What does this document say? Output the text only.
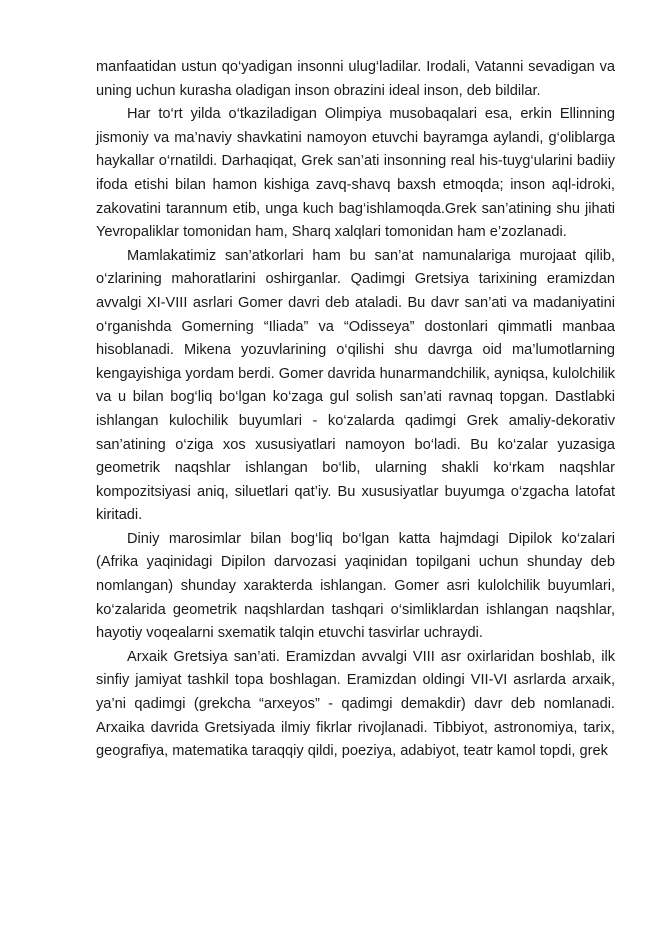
manfaatidan ustun qo‘yadigan insonni ulug‘ladilar. Irodali, Vatanni sevadigan va uning uchun kurasha oladigan inson obrazini ideal inson, deb bildilar.

Har to‘rt yilda o‘tkaziladigan Olimpiya musobaqalari esa, erkin Ellinning jismoniy va ma’naviy shavkatini namoyon etuvchi bayramga aylandi, g‘oliblarga haykallar o‘rnatildi. Darhaqiqat, Grek san’ati insonning real his-tuyg‘ularini badiiy ifoda etishi bilan hamon kishiga zavq-shavq baxsh etmoqda; inson aql-idroki, zakovatini tarannum etib, unga kuch bag‘ishlamoqda.Grek san’atining shu jihati Yevropaliklar tomonidan ham, Sharq xalqlari tomonidan ham e’zozlanadi.

Mamlakatimiz san’atkorlari ham bu san’at namunalariga murojaat qilib, o‘zlarining mahoratlarini oshirganlar. Qadimgi Gretsiya tarixining eramizdan avvalgi XI-VIII asrlari Gomer davri deb ataladi. Bu davr san’ati va madaniyatini o‘rganishda Gomerning “Iliada” va “Odisseya” dostonlari qimmatli manbaa hisoblanadi. Mikena yozuvlarining o‘qilishi shu davrga oid ma’lumotlarning kengayishiga yordam berdi. Gomer davrida hunarmandchilik, ayniqsa, kulolchilik va u bilan bog‘liq bo‘lgan ko‘zaga gul solish san’ati ravnaq topgan. Dastlabki ishlangan kulochilik buyumlari - ko‘zalarda qadimgi Grek amaliy-dekorativ san’atining o‘ziga xos xususiyatlari namoyon bo‘ladi. Bu ko‘zalar yuzasiga geometrik naqshlar ishlangan bo‘lib, ularning shakli ko‘rkam naqshlar kompozitsiyasi aniq, siluetlari qat’iy. Bu xususiyatlar buyumga o‘zgacha latofat kiritadi.

Diniy marosimlar bilan bog‘liq bo‘lgan katta hajmdagi Dipilok ko‘zalari (Afrika yaqinidagi Dipilon darvozasi yaqinidan topilgani uchun shunday deb nomlangan) shunday xarakterda ishlangan. Gomer asri kulolchilik buyumlari, ko‘zalarida geometrik naqshlardan tashqari o‘simliklardan ishlangan naqshlar, hayotiy voqealarni sxematik talqin etuvchi tasvirlar uchraydi.

Arxaik Gretsiya san’ati. Eramizdan avvalgi VIII asr oxirlaridan boshlab, ilk sinfiy jamiyat tashkil topa boshlagan. Eramizdan oldingi VII-VI asrlarda arxaik, ya’ni qadimgi (grekcha “arxeyos” - qadimgi demakdir) davr deb nomlanadi. Arxaika davrida Gretsiyada ilmiy fikrlar rivojlanadi. Tibbiyot, astronomiya, tarix, geografiya, matematika taraqqiy qildi, poeziya, adabiyot, teatr kamol topdi, grek
